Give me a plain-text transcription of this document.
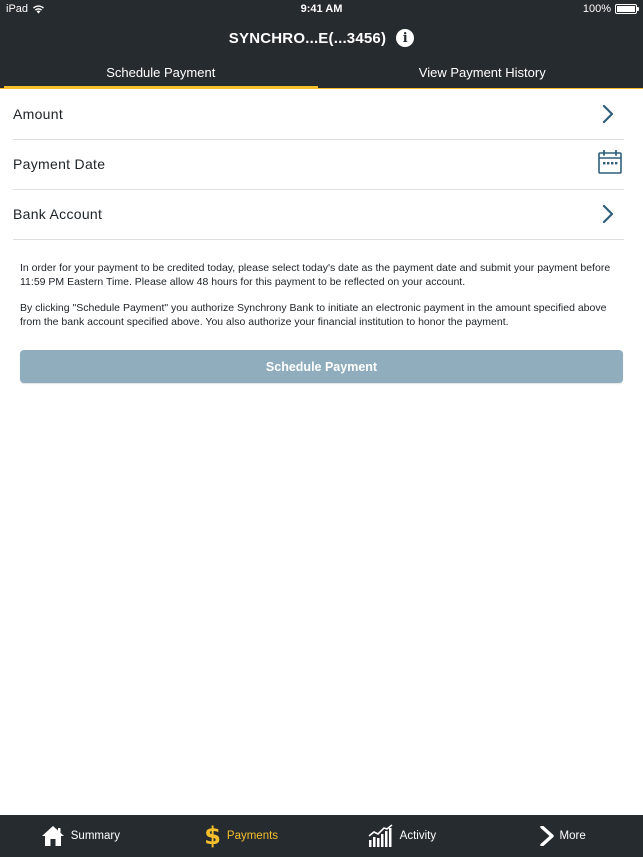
iPad	9:41 AM	100%
SYNCHRO...E(...3456)	i
Schedule Payment	View Payment History
Amount
Payment Date
Bank Account

In order for your payment to be credited today, please select today's date as the payment date and submit your payment before 11:59 PM Eastern Time. Please allow 48 hours for this payment to be reflected on your account.

By clicking "Schedule Payment" you authorize Synchrony Bank to initiate an electronic payment in the amount specified above from the bank account specified above. You also authorize your financial institution to honor the payment.

Schedule Payment
Summary	$ Payments	Activity	More
